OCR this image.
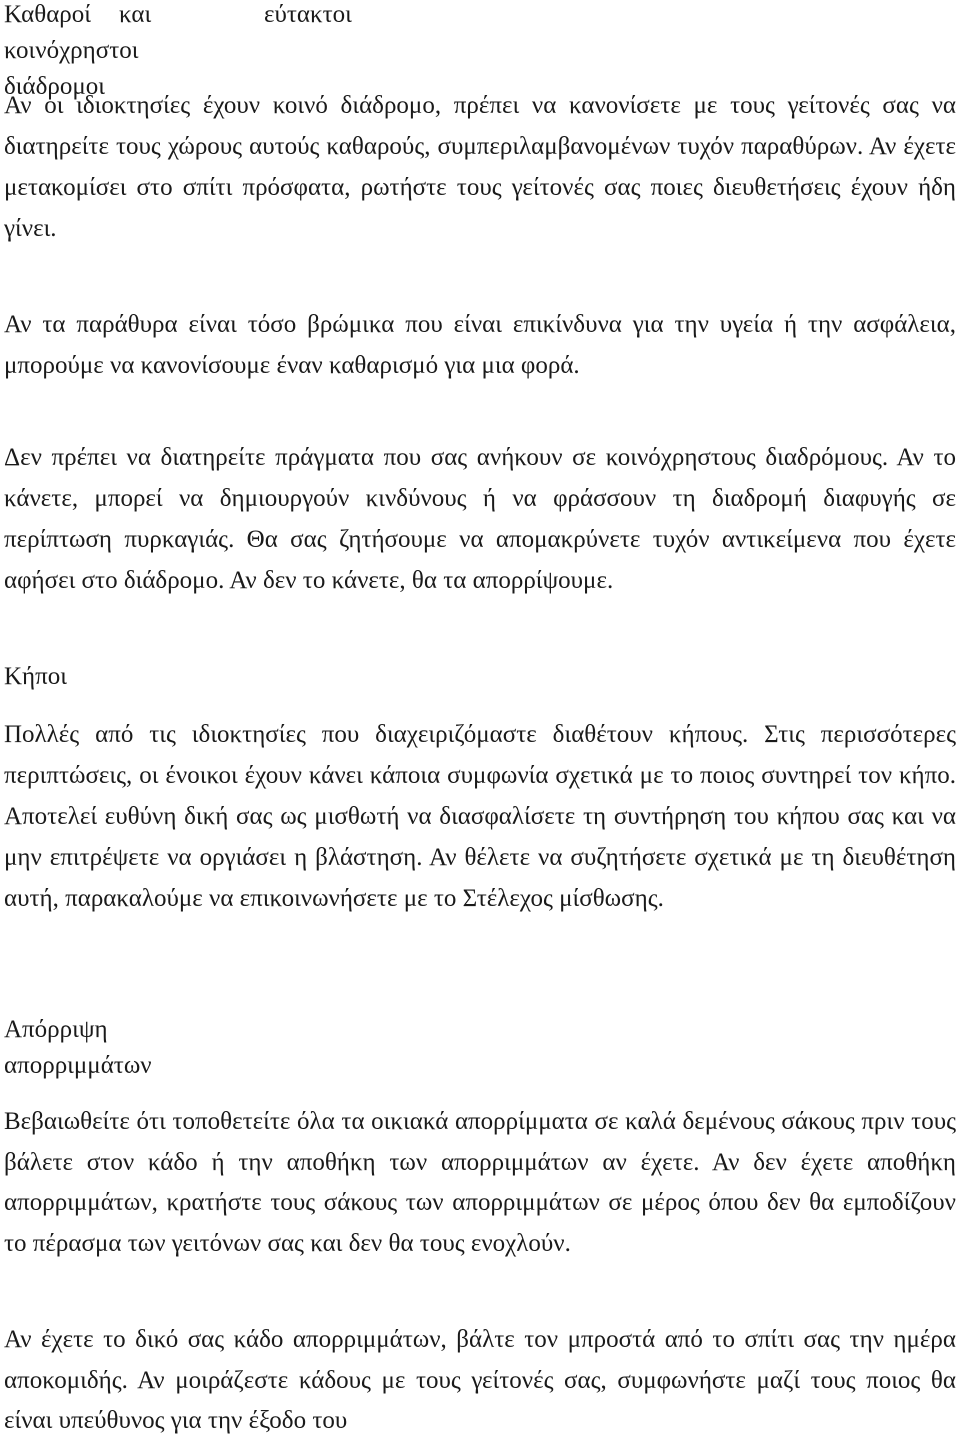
Καθαροί και	εύτακτοι
κοινόχρηστοι
διάδρομοι

Αν οι ιδιοκτησίες έχουν κοινό διάδρομο, πρέπει να κανονίσετε με τους γείτονές σας να διατηρείτε τους χώρους αυτούς καθαρούς, συμπεριλαμβανομένων τυχόν παραθύρων. Αν έχετε μετακομίσει στο σπίτι πρόσφατα, ρωτήστε τους γείτονές σας ποιες διευθετήσεις έχουν ήδη γίνει.

Αν τα παράθυρα είναι τόσο βρώμικα που είναι επικίνδυνα για την υγεία ή την ασφάλεια, μπορούμε να κανονίσουμε έναν καθαρισμό για μια φορά.

Δεν πρέπει να διατηρείτε πράγματα που σας ανήκουν σε κοινόχρηστους διαδρόμους. Αν το κάνετε, μπορεί να δημιουργούν κινδύνους ή να φράσσουν τη διαδρομή διαφυγής σε περίπτωση πυρκαγιάς. Θα σας ζητήσουμε να απομακρύνετε τυχόν αντικείμενα που έχετε αφήσει στο διάδρομο. Αν δεν το κάνετε, θα τα απορρίψουμε.

Κήποι

Πολλές από τις ιδιοκτησίες που διαχειριζόμαστε διαθέτουν κήπους. Στις περισσότερες περιπτώσεις, οι ένοικοι έχουν κάνει κάποια συμφωνία σχετικά με το ποιος συντηρεί τον κήπο. Αποτελεί ευθύνη δική σας ως μισθωτή να διασφαλίσετε τη συντήρηση του κήπου σας και να μην επιτρέψετε να οργιάσει η βλάστηση. Αν θέλετε να συζητήσετε σχετικά με τη διευθέτηση αυτή, παρακαλούμε να επικοινωνήσετε με το Στέλεχος μίσθωσης.

Απόρριψη
απορριμμάτων

Βεβαιωθείτε ότι τοποθετείτε όλα τα οικιακά απορρίμματα σε καλά δεμένους σάκους πριν τους βάλετε στον κάδο ή την αποθήκη των απορριμμάτων αν έχετε. Αν δεν έχετε αποθήκη απορριμμάτων, κρατήστε τους σάκους των απορριμμάτων σε μέρος όπου δεν θα εμποδίζουν το πέρασμα των γειτόνων σας και δεν θα τους ενοχλούν.

Αν έχετε το δικό σας κάδο απορριμμάτων, βάλτε τον μπροστά από το σπίτι σας την ημέρα αποκομιδής. Αν μοιράζεστε κάδους με τους γείτονές σας, συμφωνήστε μαζί τους ποιος θα είναι υπεύθυνος για την έξοδο του
